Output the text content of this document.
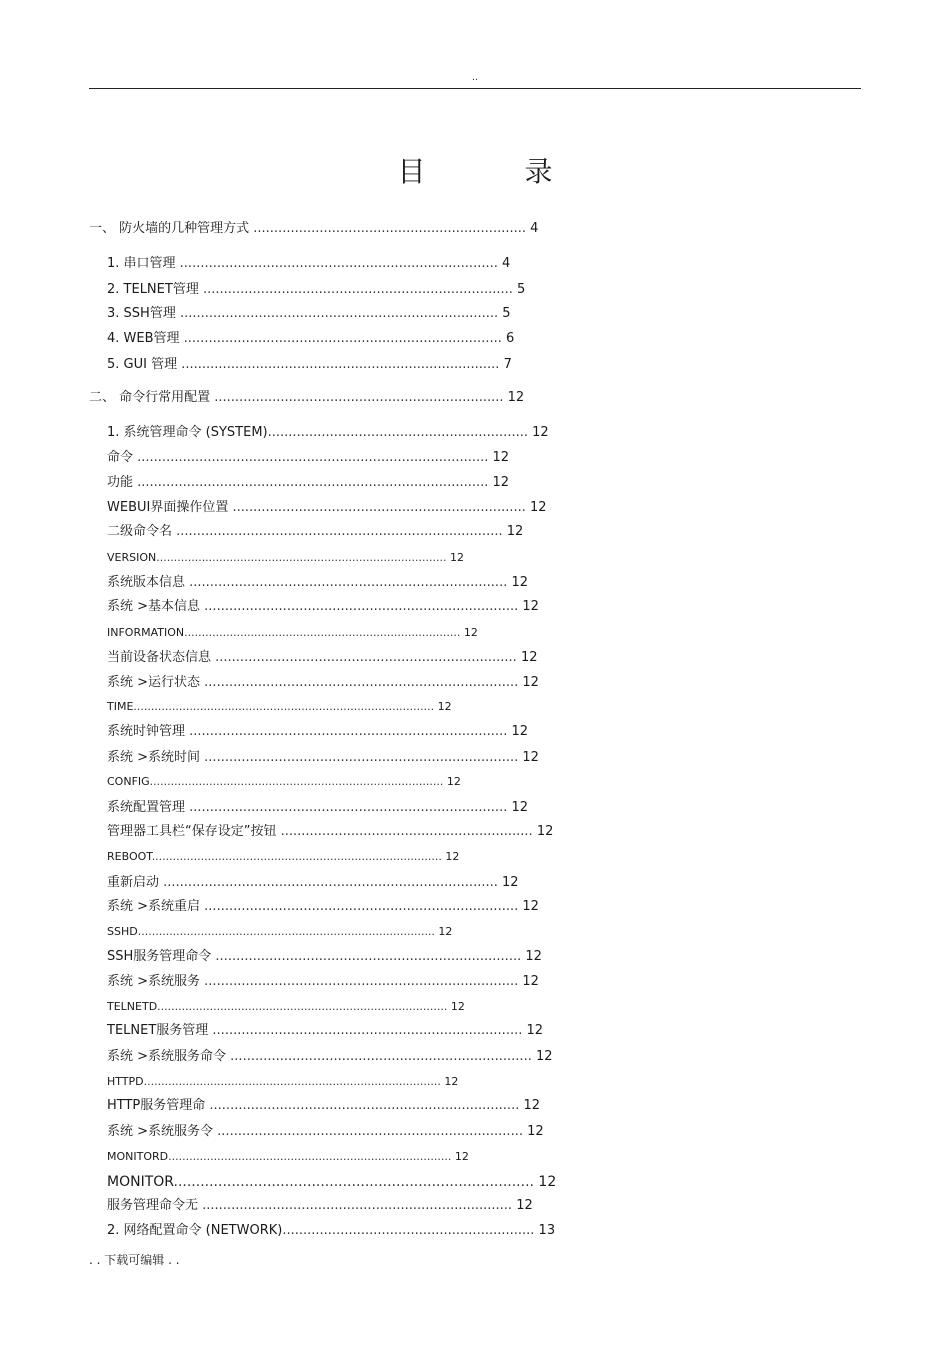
..
目 录
一、 防火墙的几种管理方式 .................................................................. 4
1. 串口管理 ............................................................................. 4
2. TELNET管理 ........................................................................... 5
3. SSH管理 ............................................................................. 5
4. WEB管理 ............................................................................. 6
5. GUI 管理 ............................................................................. 7
二、 命令行常用配置 ...................................................................... 12
1. 系统管理命令 (SYSTEM)............................................................... 12
命令 ..................................................................................... 12
功能 ..................................................................................... 12
WEBUI界面操作位置 ....................................................................... 12
二级命令名 ............................................................................... 12
VERSION................................................................................... 12
系统版本信息 ............................................................................. 12
系统 >基本信息 ............................................................................ 12
INFORMATION............................................................................... 12
当前设备状态信息 ......................................................................... 12
系统 >运行状态 ............................................................................ 12
TIME...................................................................................... 12
系统时钟管理 ............................................................................. 12
系统 >系统时间 ............................................................................ 12
CONFIG.................................................................................... 12
系统配置管理 ............................................................................. 12
管理器工具栏“保存设定”按钮 ............................................................. 12
REBOOT................................................................................... 12
重新启动 ................................................................................. 12
系统 >系统重启 ............................................................................ 12
SSHD..................................................................................... 12
SSH服务管理命令 .......................................................................... 12
系统 >系统服务 ............................................................................ 12
TELNETD................................................................................... 12
TELNET服务管理 ........................................................................... 12
系统 >系统服务命令 ......................................................................... 12
HTTPD..................................................................................... 12
HTTP服务管理命 ........................................................................... 12
系统 >系统服务令 .......................................................................... 12
MONITORD................................................................................. 12
MONITOR................................................................................. 12
服务管理命令无 ........................................................................... 12
2. 网络配置命令 (NETWORK)............................................................. 13
. . 下载可编辑 . .
